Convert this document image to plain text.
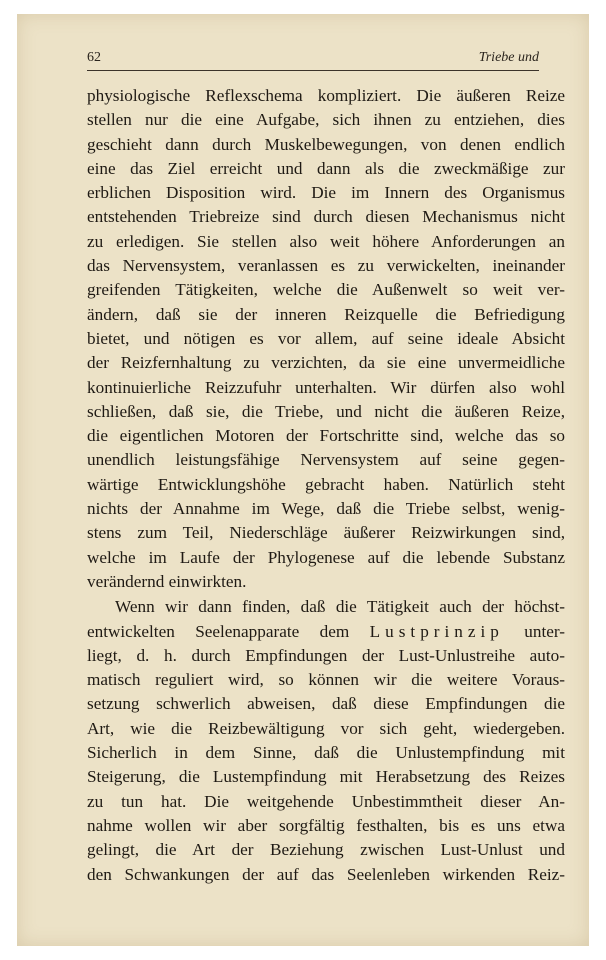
62	Triebe und
physiologische Reflexschema kompliziert. Die äußeren Reize
stellen nur die eine Aufgabe, sich ihnen zu entziehen, dies
geschieht dann durch Muskelbewegungen, von denen endlich
eine das Ziel erreicht und dann als die zweckmäßige zur
erblichen Disposition wird. Die im Innern des Organismus
entstehenden Triebreize sind durch diesen Mechanismus nicht
zu erledigen. Sie stellen also weit höhere Anforderungen an
das Nervensystem, veranlassen es zu verwickelten, ineinander
greifenden Tätigkeiten, welche die Außenwelt so weit ver-
ändern, daß sie der inneren Reizquelle die Befriedigung
bietet, und nötigen es vor allem, auf seine ideale Absicht
der Reizfernhaltung zu verzichten, da sie eine unvermeidliche
kontinuierliche Reizzufuhr unterhalten. Wir dürfen also wohl
schließen, daß sie, die Triebe, und nicht die äußeren Reize,
die eigentlichen Motoren der Fortschritte sind, welche das so
unendlich leistungsfähige Nervensystem auf seine gegen-
wärtige Entwicklungshöhe gebracht haben. Natürlich steht
nichts der Annahme im Wege, daß die Triebe selbst, wenig-
stens zum Teil, Niederschläge äußerer Reizwirkungen sind,
welche im Laufe der Phylogenese auf die lebende Substanz
verändernd einwirkten.
Wenn wir dann finden, daß die Tätigkeit auch der höchst-
entwickelten Seelenapparate dem Lustprinzip unter-
liegt, d. h. durch Empfindungen der Lust-Unlustreihe auto-
matisch reguliert wird, so können wir die weitere Voraus-
setzung schwerlich abweisen, daß diese Empfindungen die
Art, wie die Reizbewältigung vor sich geht, wiedergeben.
Sicherlich in dem Sinne, daß die Unlustempfindung mit
Steigerung, die Lustempfindung mit Herabsetzung des Reizes
zu tun hat. Die weitgehende Unbestimmtheit dieser An-
nahme wollen wir aber sorgfältig festhalten, bis es uns etwa
gelingt, die Art der Beziehung zwischen Lust-Unlust und
den Schwankungen der auf das Seelenleben wirkenden Reiz-
